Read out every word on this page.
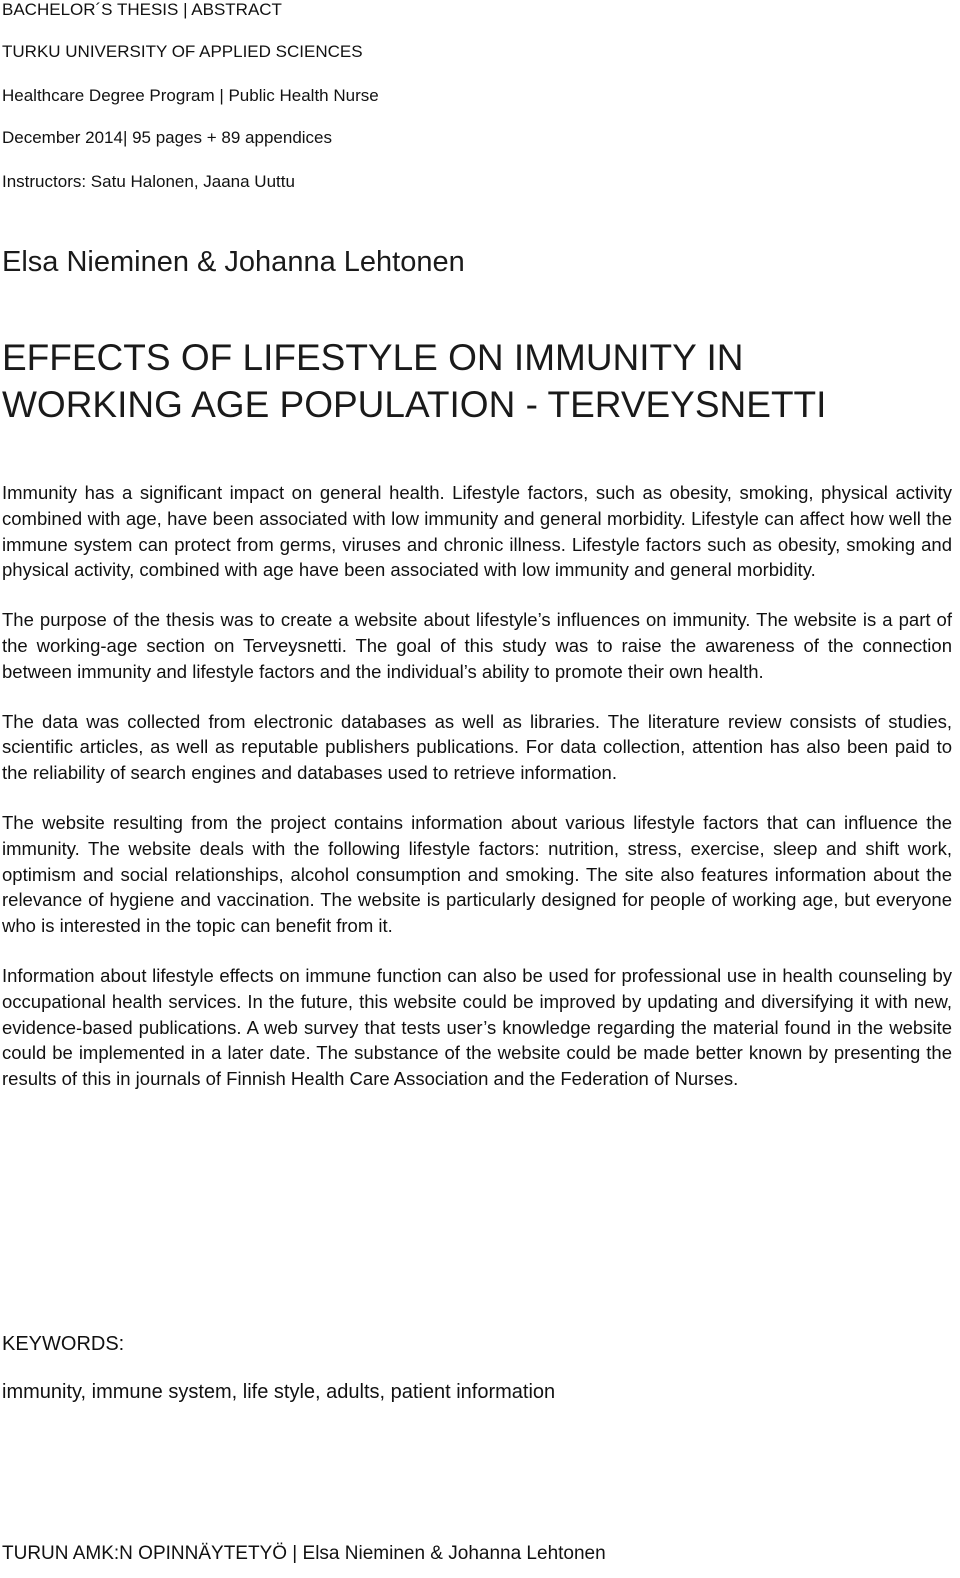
BACHELOR´S THESIS | ABSTRACT
TURKU UNIVERSITY OF APPLIED SCIENCES
Healthcare Degree Program | Public Health Nurse
December 2014| 95 pages + 89 appendices
Instructors: Satu Halonen, Jaana Uuttu
Elsa Nieminen & Johanna Lehtonen
EFFECTS OF LIFESTYLE ON IMMUNITY IN
WORKING AGE POPULATION - TERVEYSNETTI

Immunity has a significant impact on general health. Lifestyle factors, such as obesity, smoking, physical activity combined with age, have been associated with low immunity and general morbidity. Lifestyle can affect how well the immune system can protect from germs, viruses and chronic illness. Lifestyle factors such as obesity, smoking and physical activity, combined with age have been associated with low immunity and general morbidity.

The purpose of the thesis was to create a website about lifestyle’s influences on immunity. The website is a part of the working-age section on Terveysnetti. The goal of this study was to raise the awareness of the connection between immunity and lifestyle factors and the individual’s ability to promote their own health.

The data was collected from electronic databases as well as libraries. The literature review consists of studies, scientific articles, as well as reputable publishers publications. For data collection, attention has also been paid to the reliability of search engines and databases used to retrieve information.

The website resulting from the project contains information about various lifestyle factors that can influence the immunity. The website deals with the following lifestyle factors: nutrition, stress, exercise, sleep and shift work, optimism and social relationships, alcohol consumption and smoking. The site also features information about the relevance of hygiene and vaccination. The website is particularly designed for people of working age, but everyone who is interested in the topic can benefit from it.

Information about lifestyle effects on immune function can also be used for professional use in health counseling by occupational health services. In the future, this website could be improved by updating and diversifying it with new, evidence-based publications. A web survey that tests user’s knowledge regarding the material found in the website could be implemented in a later date. The substance of the website could be made better known by presenting the results of this in journals of Finnish Health Care Association and the Federation of Nurses.

KEYWORDS:
immunity, immune system, life style, adults, patient information
TURUN AMK:N OPINNÄYTETYÖ | Elsa Nieminen & Johanna Lehtonen
